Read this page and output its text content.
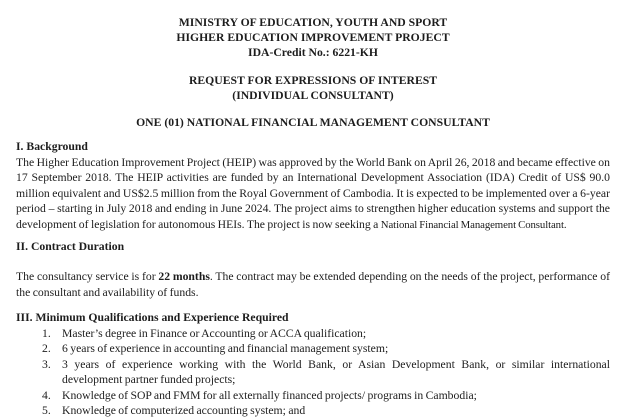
MINISTRY OF EDUCATION, YOUTH AND SPORT
HIGHER EDUCATION IMPROVEMENT PROJECT
IDA-Credit No.: 6221-KH
REQUEST FOR EXPRESSIONS OF INTEREST
(INDIVIDUAL CONSULTANT)
ONE (01) NATIONAL FINANCIAL MANAGEMENT CONSULTANT
I. Background

The Higher Education Improvement Project (HEIP) was approved by the World Bank on April 26, 2018 and became effective on 17 September 2018. The HEIP activities are funded by an International Development Association (IDA) Credit of US$ 90.0 million equivalent and US$2.5 million from the Royal Government of Cambodia. It is expected to be implemented over a 6-year period – starting in July 2018 and ending in June 2024. The project aims to strengthen higher education systems and support the development of legislation for autonomous HEIs. The project is now seeking a National Financial Management Consultant.

II. Contract Duration

The consultancy service is for 22 months. The contract may be extended depending on the needs of the project, performance of the consultant and availability of funds.

III. Minimum Qualifications and Experience Required
1. Master’s degree in Finance or Accounting or ACCA qualification;
2. 6 years of experience in accounting and financial management system;
3. 3 years of experience working with the World Bank, or Asian Development Bank, or similar international development partner funded projects;
4. Knowledge of SOP and FMM for all externally financed projects/ programs in Cambodia;
5. Knowledge of computerized accounting system; and
